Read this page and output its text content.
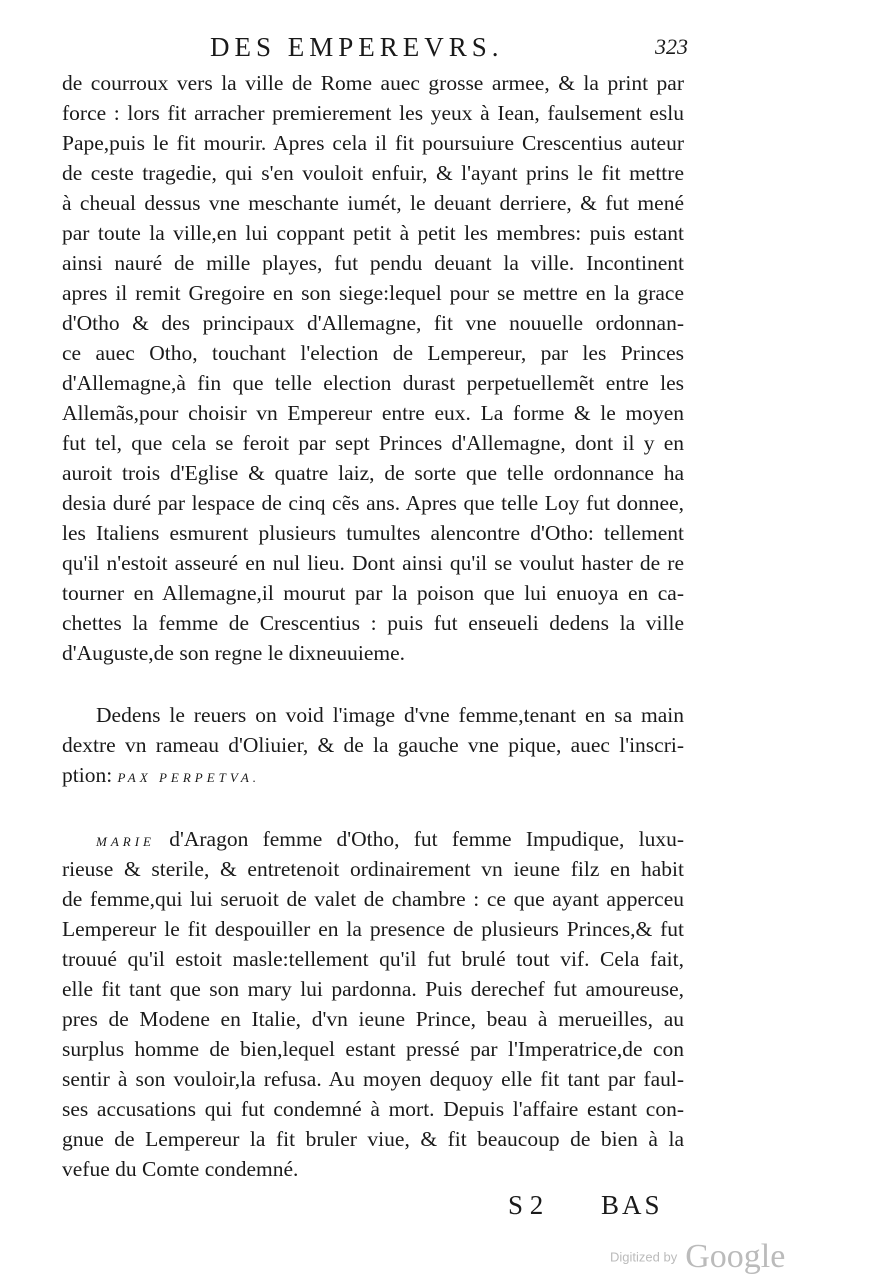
DES EMPEREVRS.	323
de courroux vers la ville de Rome auec grosse armee, & la print par
force : lors fit arracher premierement les yeux à Iean, faulsement eslu
Pape,puis le fit mourir. Apres cela il fit poursuiure Crescentius auteur
de ceste tragedie, qui s'en vouloit enfuir, & l'ayant prins le fit mettre
à cheual dessus vne meschante iumét, le deuant derriere, & fut mené
par toute la ville,en lui coppant petit à petit les membres: puis estant
ainsi nauré de mille playes, fut pendu deuant la ville. Incontinent
apres il remit Gregoire en son siege:lequel pour se mettre en la grace
d'Otho & des principaux d'Allemagne, fit vne nouuelle ordonnan-
ce auec Otho, touchant l'election de Lempereur, par les Princes
d'Allemagne,à fin que telle election durast perpetuellemẽt entre les
Allemãs,pour choisir vn Empereur entre eux. La forme & le moyen
fut tel, que cela se feroit par sept Princes d'Allemagne, dont il y en
auroit trois d'Eglise & quatre laiz, de sorte que telle ordonnance ha
desia duré par lespace de cinq cẽs ans. Apres que telle Loy fut donnee,
les Italiens esmurent plusieurs tumultes alencontre d'Otho: tellement
qu'il n'estoit asseuré en nul lieu. Dont ainsi qu'il se voulut haster de re
tourner en Allemagne,il mourut par la poison que lui enuoya en ca-
chettes la femme de Crescentius : puis fut enseueli dedens la ville
d'Auguste,de son regne le dixneuuieme.
Dedens le reuers on void l'image d'vne femme,tenant en sa main
dextre vn rameau d'Oliuier, & de la gauche vne pique, auec l'inscri-
ption: PAX PERPETVA.
MARIE d'Aragon femme d'Otho, fut femme Impudique, luxu-
rieuse & sterile, & entretenoit ordinairement vn ieune filz en habit
de femme,qui lui seruoit de valet de chambre : ce que ayant apperceu
Lempereur le fit despouiller en la presence de plusieurs Princes,& fut
trouué qu'il estoit masle:tellement qu'il fut brulé tout vif. Cela fait,
elle fit tant que son mary lui pardonna. Puis derechef fut amoureuse,
pres de Modene en Italie, d'vn ieune Prince, beau à merueilles, au
surplus homme de bien,lequel estant pressé par l'Imperatrice,de con
sentir à son vouloir,la refusa. Au moyen dequoy elle fit tant par faul-
ses accusations qui fut condemné à mort. Depuis l'affaire estant con-
gnue de Lempereur la fit bruler viue, & fit beaucoup de bien à la
vefue du Comte condemné.
S 2 BAS
Digitized by Google
